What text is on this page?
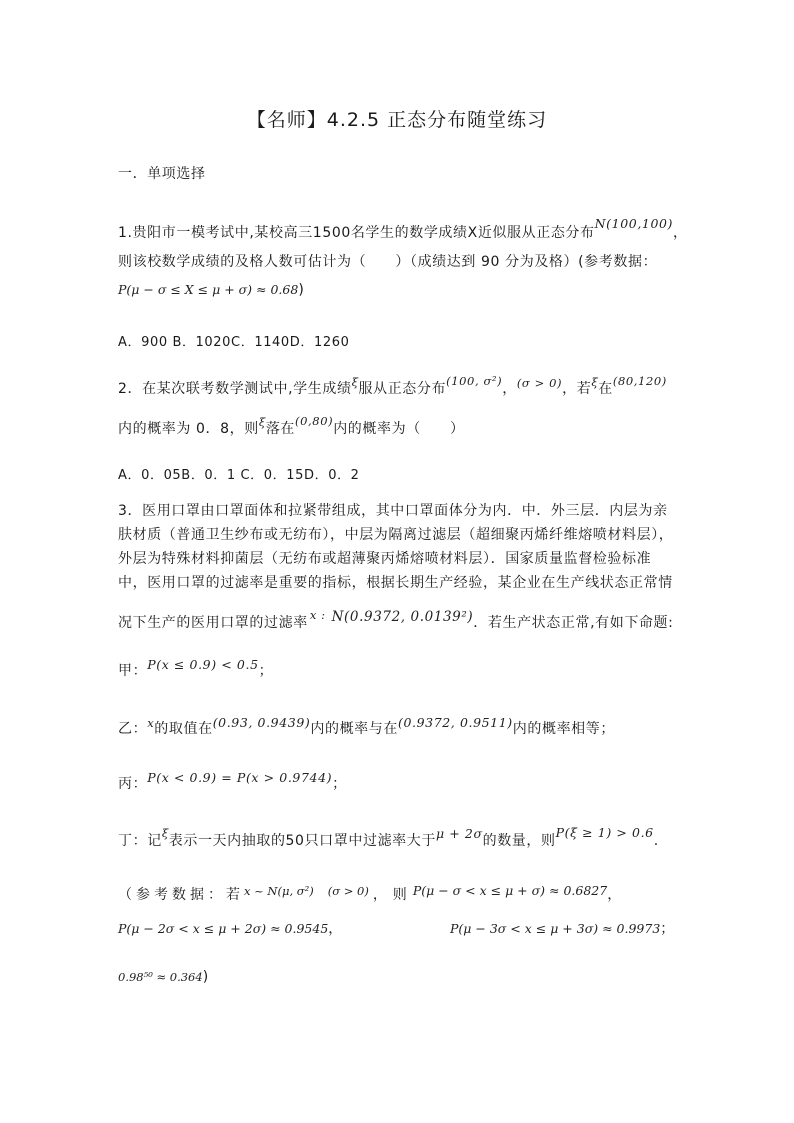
【名师】4.2.5 正态分布随堂练习
一．单项选择
1.贵阳市一模考试中,某校高三1500名学生的数学成绩X近似服从正态分布N(100,100)，
则该校数学成绩的及格人数可估计为（　　）（成绩达到 90 分为及格）(参考数据：
P(μ − σ ≤ X ≤ μ + σ) ≈ 0.68)
A．900 B．1020C．1140D．1260
2．在某次联考数学测试中,学生成绩$^\xi$服从正态分布$^{(100, \sigma^2)}$，$^{(\sigma > 0)}$，若$^\xi$在$^{(80,120)}$
内的概率为 0．8，则$^\xi$落在$^{(0,80)}$内的概率为（　　）
A．0．05B．0．1 C．0．15D．0．2
3．医用口罩由口罩面体和拉紧带组成，其中口罩面体分为内．中．外三层．内层为亲
肤材质（普通卫生纱布或无纺布），中层为隔离过滤层（超细聚丙烯纤维熔喷材料层），
外层为特殊材料抑菌层（无纺布或超薄聚丙烯熔喷材料层）．国家质量监督检验标准
中，医用口罩的过滤率是重要的指标，根据长期生产经验，某企业在生产线状态正常情
况下生产的医用口罩的过滤率 $^{x :}$ N(0.9372, 0.0139²)．若生产状态正常,有如下命题:
甲：P(x ≤ 0.9) < 0.5；
乙：$^x$的取值在(0.93, 0.9439)内的概率与在(0.9372, 0.9511)内的概率相等；
丙：P(x < 0.9) = P(x > 0.9744)；
丁：记$^\xi$表示一天内抽取的50只口罩中过滤率大于μ + 2σ的数量，则P(ξ ≥ 1) > 0.6.
（参考数据：若$^{x \sim N(\mu, \sigma^2)}$ $^{(\sigma > 0)}$ ，则$^{P(\mu - \sigma < x \le \mu + \sigma) \approx 0.6827}$，
P(μ − 2σ < x ≤ μ + 2σ) ≈ 0.9545，	P(μ − 3σ < x ≤ μ + 3σ) ≈ 0.9973；
0.98⁵⁰ ≈ 0.364)
